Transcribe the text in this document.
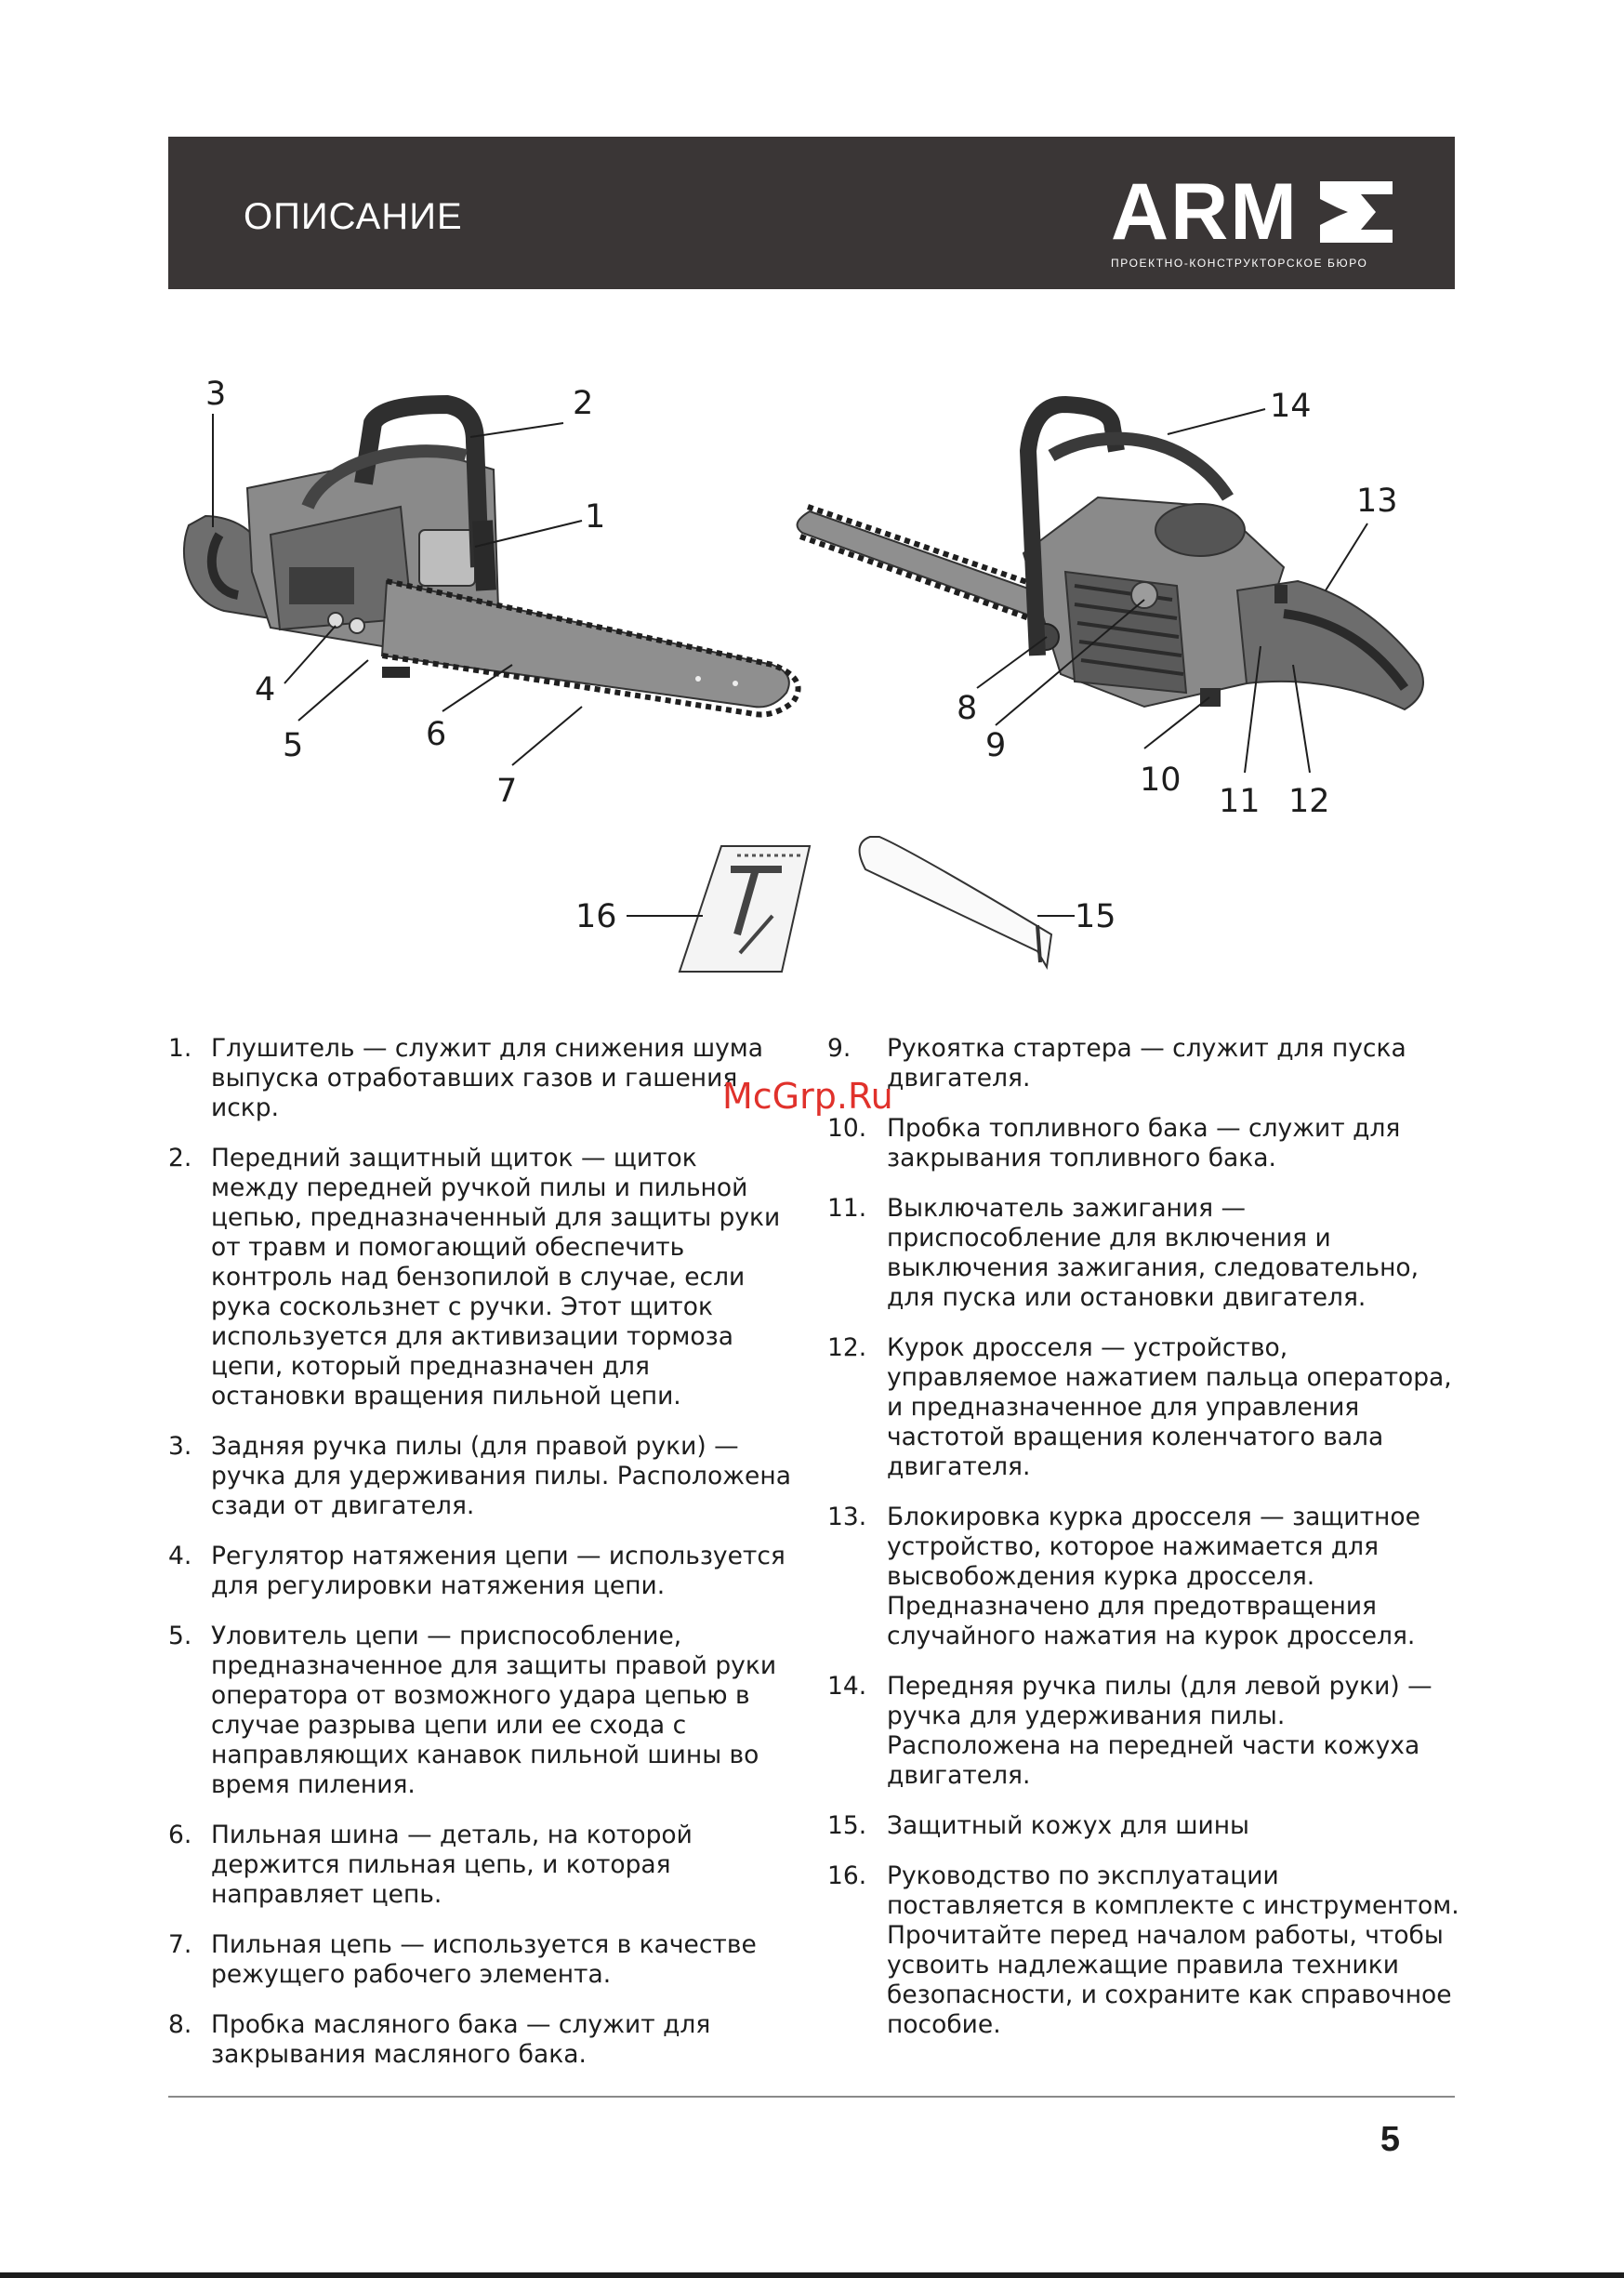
ОПИСАНИЕ	ARM
ПРОЕКТНО-КОНСТРУКТОРСКОЕ БЮРО
3	2
1
4
5	6
7
8
9
10
11 12
13
14
15
16
1. Глушитель — служит для снижения шума выпуска отработавших газов и гашения искр.
2. Передний защитный щиток — щиток между передней ручкой пилы и пильной цепью, предназначенный для защиты руки от травм и помогающий обеспечить контроль над бензопилой в случае, если рука соскользнет с ручки. Этот щиток используется для активизации тормоза цепи, который предназначен для остановки вращения пильной цепи.
3. Задняя ручка пилы (для правой руки) — ручка для удерживания пилы. Расположена сзади от двигателя.
4. Регулятор натяжения цепи — используется для регулировки натяжения цепи.
5. Уловитель цепи — приспособление, предназначенное для защиты правой руки оператора от возможного удара цепью в случае разрыва цепи или ее схода с направляющих канавок пильной шины во время пиления.
6. Пильная шина — деталь, на которой держится пильная цепь, и которая направляет цепь.
7. Пильная цепь — используется в качестве режущего рабочего элемента.
8. Пробка масляного бака — служит для закрывания масляного бака.
9. Рукоятка стартера — служит для пуска двигателя.
10. Пробка топливного бака — служит для закрывания топливного бака.
11. Выключатель зажигания — приспособление для включения и выключения зажигания, следовательно, для пуска или остановки двигателя.
12. Курок дросселя — устройство, управляемое нажатием пальца оператора, и предназначенное для управления частотой вращения коленчатого вала двигателя.
13. Блокировка курка дросселя — защитное устройство, которое нажимается для высвобождения курка дросселя. Предназначено для предотвращения случайного нажатия на курок дросселя.
14. Передняя ручка пилы (для левой руки) — ручка для удерживания пилы. Расположена на передней части кожуха двигателя.
15. Защитный кожух для шины
16. Руководство по эксплуатации поставляется в комплекте с инструментом. Прочитайте перед началом работы, чтобы усвоить надлежащие правила техники безопасности, и сохраните как справочное пособие.
McGrp.Ru
5
